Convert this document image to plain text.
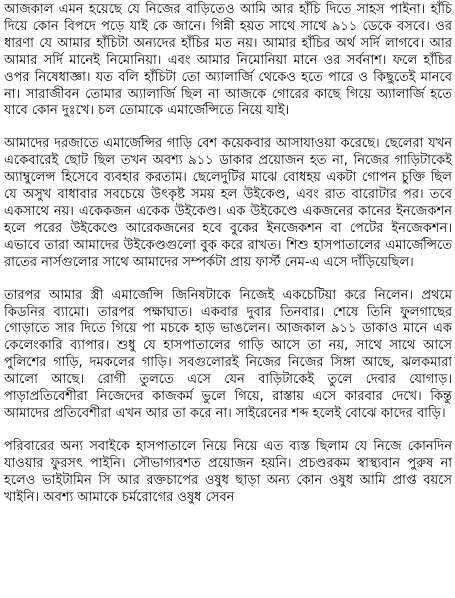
আজকাল এমন হয়েছে যে নিজের বাড়িতেও আমি আর হাঁচি দিতে সাহস পাইনা। হাঁচি দিয়ে কোন বিপদে পড়ে যাই কে জানে। গিন্নী হয়ত সাথে সাথে ৯১১ ডেকে বসবে। ওর ধারণা যে আমার হাঁচিটা অন্যদের হাঁচির মত নয়। আমার হাঁচির অর্থ সর্দি লাগবে। আর আমার সর্দি মানেই নিমোনিয়া। এবং আমার নিমোনিয়া মানে ওর সর্বনাশ। ফলে হাঁচির ওপর নিষেধাজ্ঞা। যত বলি হাঁচিটা তো অ্যালার্জি থেকেও হতে পারে ও কিছুতেই মানবে না। সারাজীবন তোমার অ্যালার্জি ছিল না আজকে গোরের কাছে গিয়ে অ্যালার্জি হতে যাবে কোন দুঃখে। চল তোমাকে এমার্জেন্সিতে নিয়ে যাই।

আমাদের দরজাতে এমার্জেন্সির গাড়ি বেশ কয়েকবার আসাযাওয়া করেছে। ছেলেরা যখন একেবারেই ছোট ছিল তখন অবশ্য ৯১১ ডাকার প্রয়োজন হত না, নিজের গাড়িটাকেই অ্যাম্বুলেন্স হিসেবে ব্যবহার করতাম। ছেলেদুটির মাঝে বোধহয় একটা গোপন চুক্তি ছিল যে অসুখ বাধাবার সবচেয়ে উৎকৃষ্ট সময় হল উইকেণ্ড, এবং রাত বারোটার পর। তবে একসাথে নয়। একেকজন একেক উইকেণ্ড। এক উইকেণ্ডে একজনের কানের ইনজেকশন হলে পরের উইকেণ্ডে আরেকজনের হবে বুকের ইনজেকশন বা পেটের ইনজেকশন। এভাবে তারা আমাদের উইকেণ্ডগুলো বুক করে রাখত। শিশু হাসপাতালের এমার্জেন্সিতে রাতের নার্সগুলোর সাথে আমাদের সম্পর্কটা প্রায় ফার্স্ট নেম-এ এসে দাঁড়িয়েছিল।

তারপর আমার স্ত্রী এমার্জেন্সি জিনিষটাকে নিজেই একচেটিয়া করে নিলেন। প্রথমে কিডনির ব্যামো। তারপর পক্ষাঘাত। একবার দুবার তিনবার। শেষে তিনি ফুলগাছের গোড়াতে সার দিতে গিয়ে পা মচকে হাড় ভাঙলেন। আজকাল ৯১১ ডাকাও মানে এক কেলেংকারি ব্যাপার। শুধু যে হাসপাতালের গাড়ি আসে তা নয়, সাথে সাথে আসে পুলিশের গাড়ি, দমকলের গাড়ি। সবগুলোরই নিজের নিজের সিঙ্গা আছে, ঝলকমারা আলো আছে। রোগী তুলতে এসে যেন বাড়িটাকেই তুলে দেবার যোগাড়। পাড়াপ্রতিবেশীরা নিজেদের কাজকর্ম ভুলে গিয়ে, রাস্তায় এসে কারবার দেখে। কিন্তু আমাদের প্রতিবেশীরা এখন আর তা করে না। সাইরেনের শব্দ হলেই বোঝে কাদের বাড়ি।

পরিবারের অন্য সবাইকে হাসপাতালে নিয়ে নিয়ে এত ব্যস্ত ছিলাম যে নিজে কোনদিন যাওয়ার ফুরসৎ পাইনি। সৌভাগ্যবশত প্রয়োজন হয়নি। প্রচণ্ডরকম স্বাস্থ্যবান পুরুষ না হলেও ভাইটামিন সি আর রক্তচাপের ওষুধ ছাড়া অন্য কোন ওষুধ আমি প্রাপ্ত বয়সে খাইনি। অবশ্য আমাকে চর্মরোগের ওষুধ সেবন
